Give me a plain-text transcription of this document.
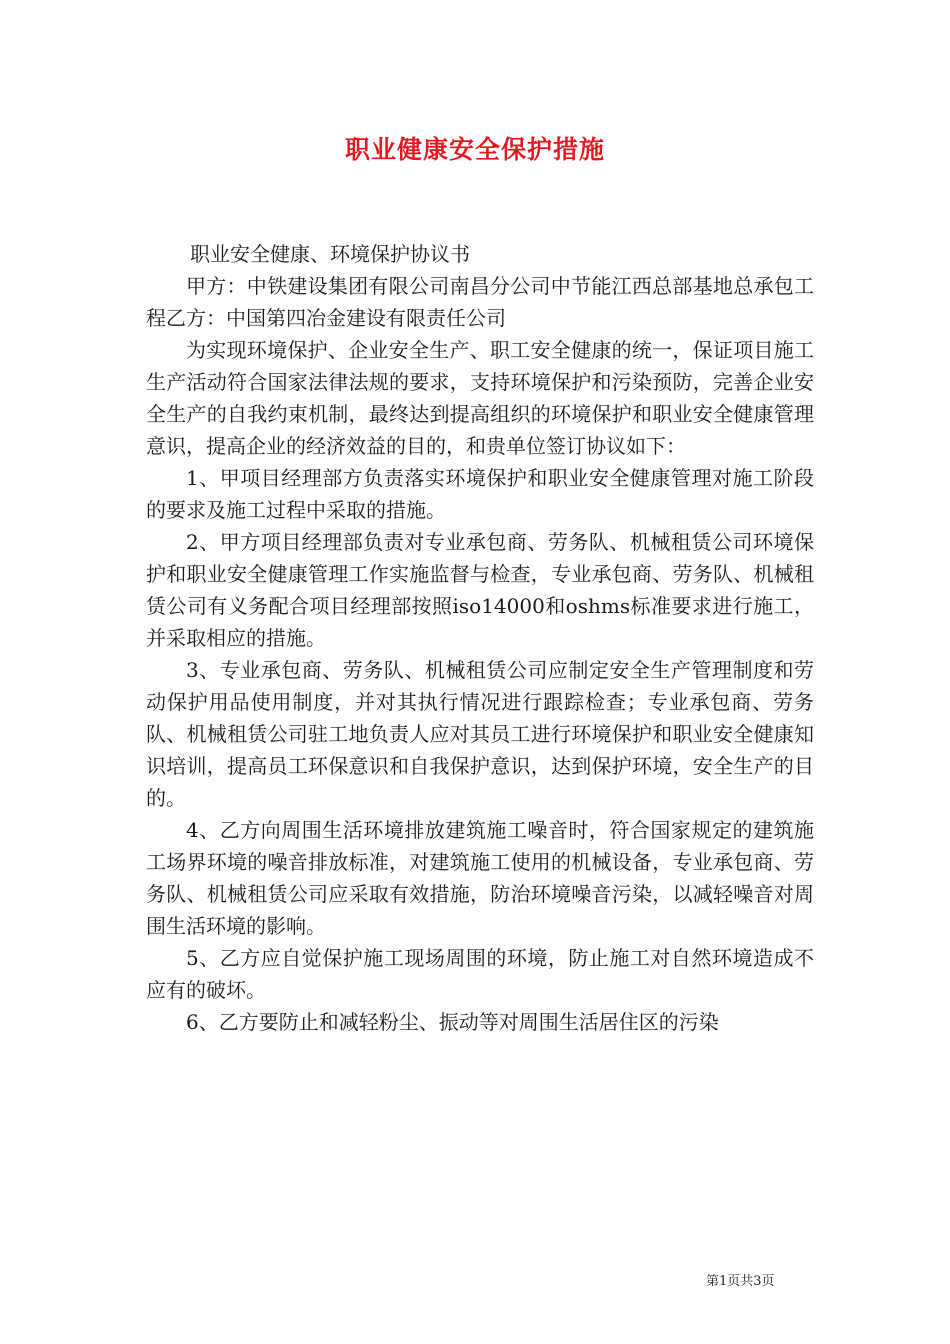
职业健康安全保护措施

职业安全健康、环境保护协议书

甲方：中铁建设集团有限公司南昌分公司中节能江西总部基地总承包工程乙方：中国第四冶金建设有限责任公司

为实现环境保护、企业安全生产、职工安全健康的统一，保证项目施工生产活动符合国家法律法规的要求，支持环境保护和污染预防，完善企业安全生产的自我约束机制，最终达到提高组织的环境保护和职业安全健康管理意识，提高企业的经济效益的目的，和贵单位签订协议如下：

1、甲项目经理部方负责落实环境保护和职业安全健康管理对施工阶段的要求及施工过程中采取的措施。

2、甲方项目经理部负责对专业承包商、劳务队、机械租赁公司环境保护和职业安全健康管理工作实施监督与检查，专业承包商、劳务队、机械租赁公司有义务配合项目经理部按照iso14000和oshms标准要求进行施工，并采取相应的措施。

3、专业承包商、劳务队、机械租赁公司应制定安全生产管理制度和劳动保护用品使用制度，并对其执行情况进行跟踪检查；专业承包商、劳务队、机械租赁公司驻工地负责人应对其员工进行环境保护和职业安全健康知识培训，提高员工环保意识和自我保护意识，达到保护环境，安全生产的目的。

4、乙方向周围生活环境排放建筑施工噪音时，符合国家规定的建筑施工场界环境的噪音排放标准，对建筑施工使用的机械设备，专业承包商、劳务队、机械租赁公司应采取有效措施，防治环境噪音污染，以减轻噪音对周围生活环境的影响。

5、乙方应自觉保护施工现场周围的环境，防止施工对自然环境造成不应有的破坏。

6、乙方要防止和减轻粉尘、振动等对周围生活居住区的污染

第1页共3页
